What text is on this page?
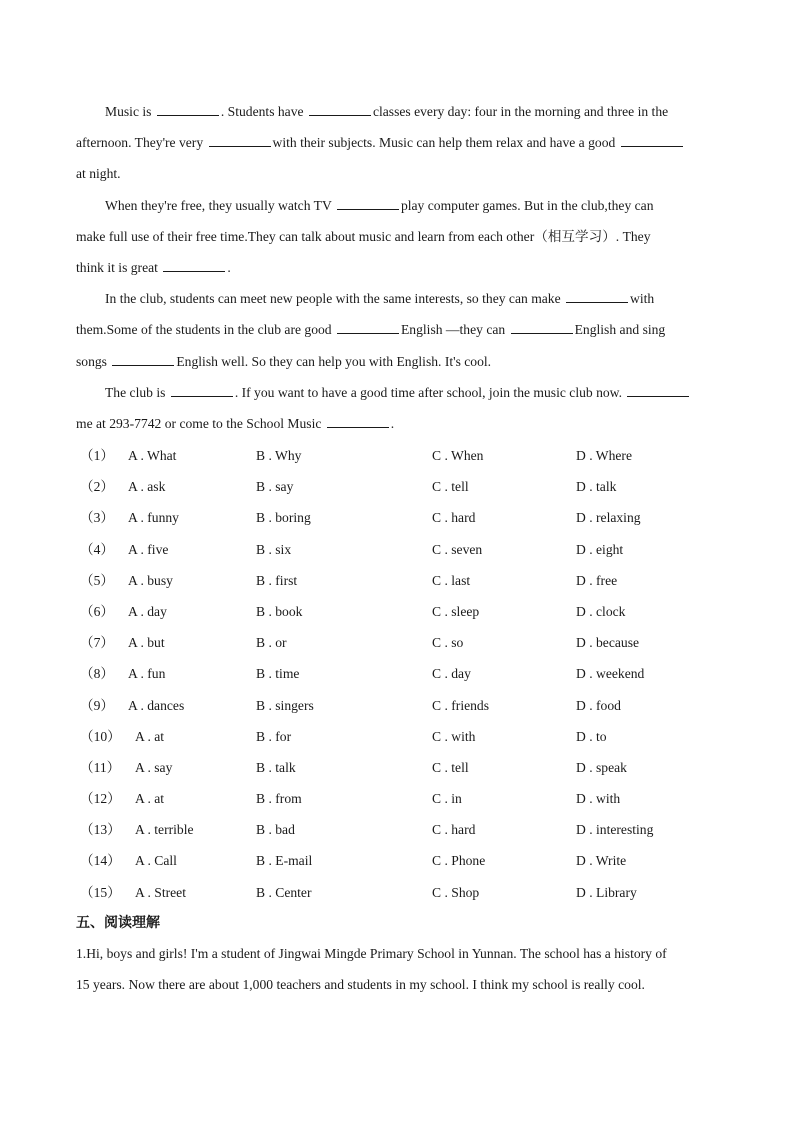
Music is	. Students have	classes every day: four in the morning and three in the
afternoon. They're very	with their subjects. Music can help them relax and have a good
at night.
When they're free, they usually watch TV	play computer games. But in the club,they can
make full use of their free time.They can talk about music and learn from each other（相互学习）. They
think it is great	.
In the club, students can meet new people with the same interests, so they can make	with
them.Some of the students in the club are good	English —they can	English and sing
songs	English well. So they can help you with English. It's cool.
The club is	. If you want to have a good time after school, join the music club now.
me at 293-7742 or come to the School Music	.
（1） A . What	B . Why	C . When	D . Where
（2） A . ask	B . say	C . tell	D . talk
（3） A . funny	B . boring	C . hard	D . relaxing
（4） A . five	B . six	C . seven	D . eight
（5） A . busy	B . first	C . last	D . free
（6） A . day	B . book	C . sleep	D . clock
（7） A . but	B . or	C . so	D . because
（8） A . fun	B . time	C . day	D . weekend
（9） A . dances	B . singers	C . friends	D . food
（10） A . at	B . for	C . with	D . to
（11） A . say	B . talk	C . tell	D . speak
（12） A . at	B . from	C . in	D . with
（13） A . terrible	B . bad	C . hard	D . interesting
（14） A . Call	B . E-mail	C . Phone	D . Write
（15） A . Street	B . Center	C . Shop	D . Library
五、阅读理解
1.Hi, boys and girls! I'm a student of Jingwai Mingde Primary School in Yunnan. The school has a history of
15 years. Now there are about 1,000 teachers and students in my school. I think my school is really cool.
